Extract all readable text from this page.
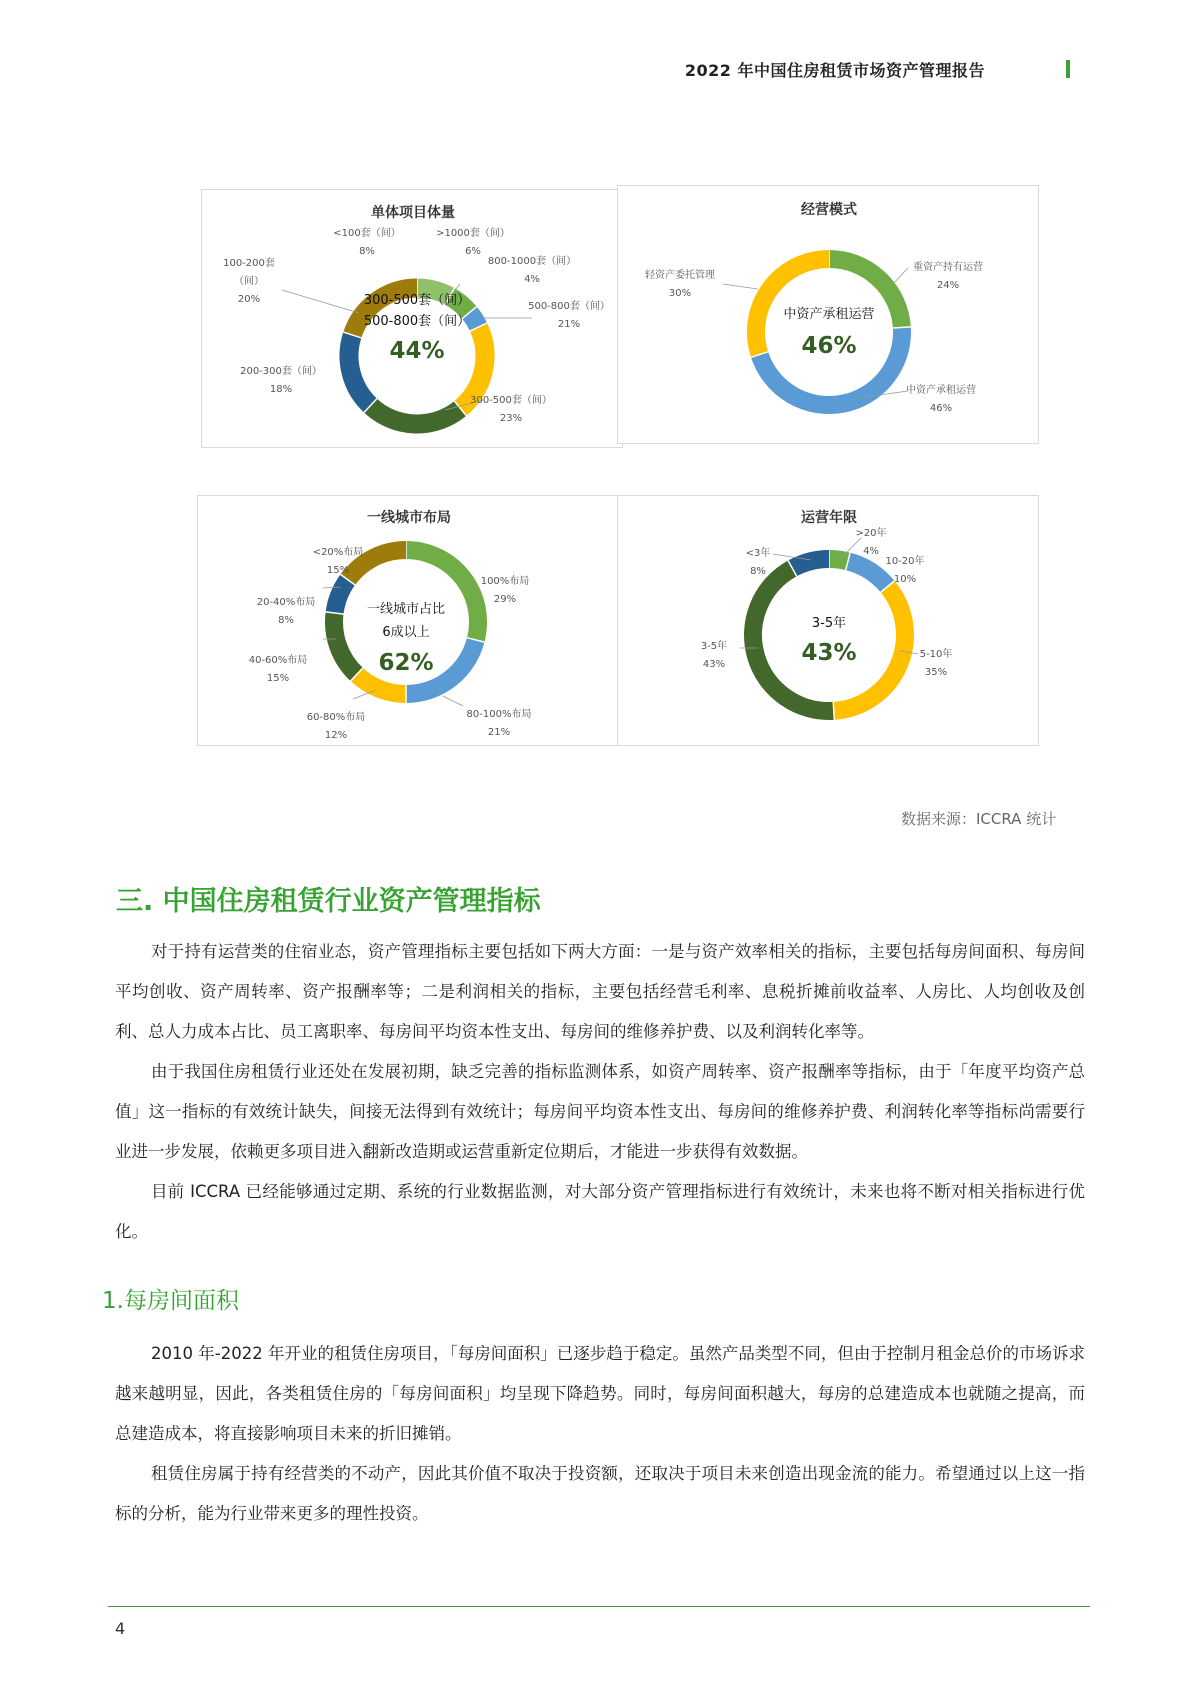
2022 年中国住房租赁市场资产管理报告
单体项目体量
<100套（间）
8%
>1000套（间）
6%
800-1000套（间）
4%
500-800套（间）
21%
300-500套（间）
23%
200-300套（间）
18%
100-200套
（间）
20%	300-500套（间）
500-800套（间）
44%
经营模式
重资产持有运营
24%
中资产承租运营
46%
轻资产委托管理
30%
中资产承租运营
46%
一线城市布局
100%布局
29%
80-100%布局
21%
60-80%布局
12%
40-60%布局
15%
20-40%布局
8%
<20%布局
15%
一线城市占比
6成以上
62%
运营年限
>20年
4%
10-20年
10%
5-10年
35%
3-5年
43%
<3年
8%
3-5年
43%
数据来源：ICCRA 统计
三. 中国住房租赁行业资产管理指标

对于持有运营类的住宿业态，资产管理指标主要包括如下两大方面：一是与资产效率相关的指标，主要包括每房间面积、每房间平均创收、资产周转率、资产报酬率等；二是利润相关的指标，主要包括经营毛利率、息税折摊前收益率、人房比、人均创收及创利、总人力成本占比、员工离职率、每房间平均资本性支出、每房间的维修养护费、以及利润转化率等。

由于我国住房租赁行业还处在发展初期，缺乏完善的指标监测体系，如资产周转率、资产报酬率等指标，由于「年度平均资产总值」这一指标的有效统计缺失，间接无法得到有效统计；每房间平均资本性支出、每房间的维修养护费、利润转化率等指标尚需要行业进一步发展，依赖更多项目进入翻新改造期或运营重新定位期后，才能进一步获得有效数据。

目前 ICCRA 已经能够通过定期、系统的行业数据监测，对大部分资产管理指标进行有效统计，未来也将不断对相关指标进行优化。

1.每房间面积

2010 年-2022 年开业的租赁住房项目，「每房间面积」已逐步趋于稳定。虽然产品类型不同，但由于控制月租金总价的市场诉求越来越明显，因此，各类租赁住房的「每房间面积」均呈现下降趋势。同时，每房间面积越大，每房的总建造成本也就随之提高，而总建造成本，将直接影响项目未来的折旧摊销。

租赁住房属于持有经营类的不动产，因此其价值不取决于投资额，还取决于项目未来创造出现金流的能力。希望通过以上这一指标的分析，能为行业带来更多的理性投资。

4
